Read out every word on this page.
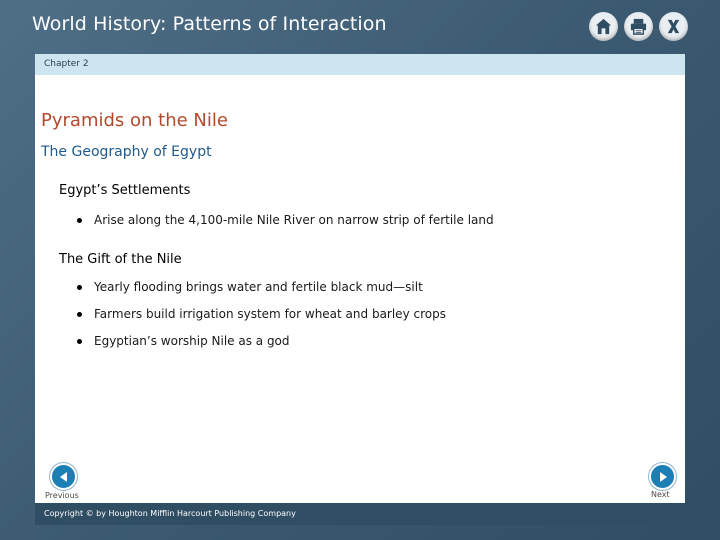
World History: Patterns of Interaction
Chapter 2
Pyramids on the Nile
The Geography of Egypt
Egypt’s Settlements
Arise along the 4,100-mile Nile River on narrow strip of fertile land
The Gift of the Nile
Yearly flooding brings water and fertile black mud—silt
Farmers build irrigation system for wheat and barley crops
Egyptian’s worship Nile as a god
Previous	Next
Copyright © by Houghton Mifflin Harcourt Publishing Company
